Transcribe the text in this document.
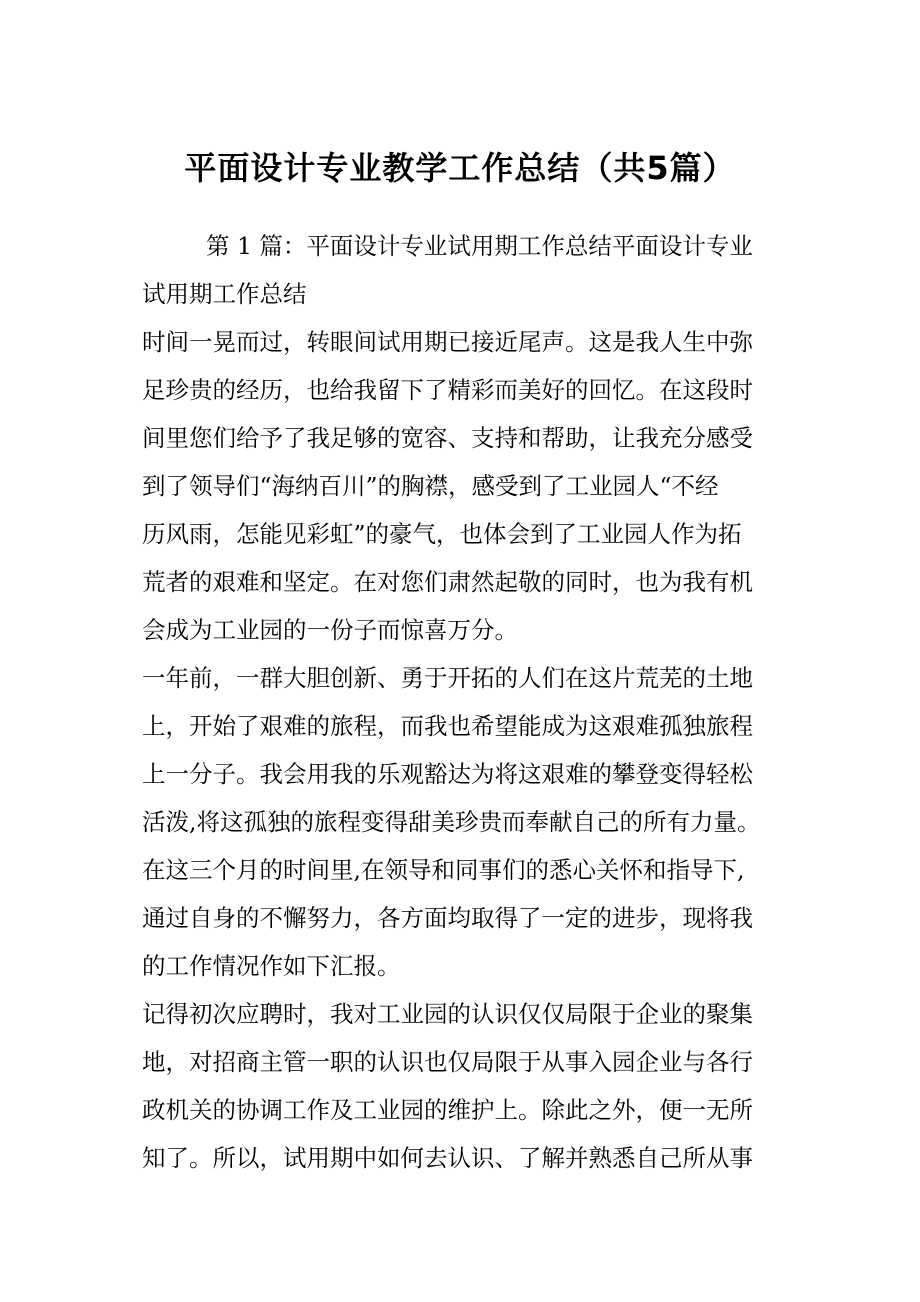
平面设计专业教学工作总结（共5篇）
第 1 篇：平面设计专业试用期工作总结平面设计专业
试用期工作总结
时间一晃而过，转眼间试用期已接近尾声。这是我人生中弥
足珍贵的经历，也给我留下了精彩而美好的回忆。在这段时
间里您们给予了我足够的宽容、支持和帮助，让我充分感受
到了领导们“海纳百川”的胸襟，感受到了工业园人“不经
历风雨，怎能见彩虹”的豪气，也体会到了工业园人作为拓
荒者的艰难和坚定。在对您们肃然起敬的同时，也为我有机
会成为工业园的一份子而惊喜万分。
一年前，一群大胆创新、勇于开拓的人们在这片荒芜的土地
上，开始了艰难的旅程，而我也希望能成为这艰难孤独旅程
上一分子。我会用我的乐观豁达为将这艰难的攀登变得轻松
活泼,将这孤独的旅程变得甜美珍贵而奉献自己的所有力量。
在这三个月的时间里,在领导和同事们的悉心关怀和指导下,
通过自身的不懈努力，各方面均取得了一定的进步，现将我
的工作情况作如下汇报。
记得初次应聘时，我对工业园的认识仅仅局限于企业的聚集
地，对招商主管一职的认识也仅局限于从事入园企业与各行
政机关的协调工作及工业园的维护上。除此之外，便一无所
知了。所以，试用期中如何去认识、了解并熟悉自己所从事
